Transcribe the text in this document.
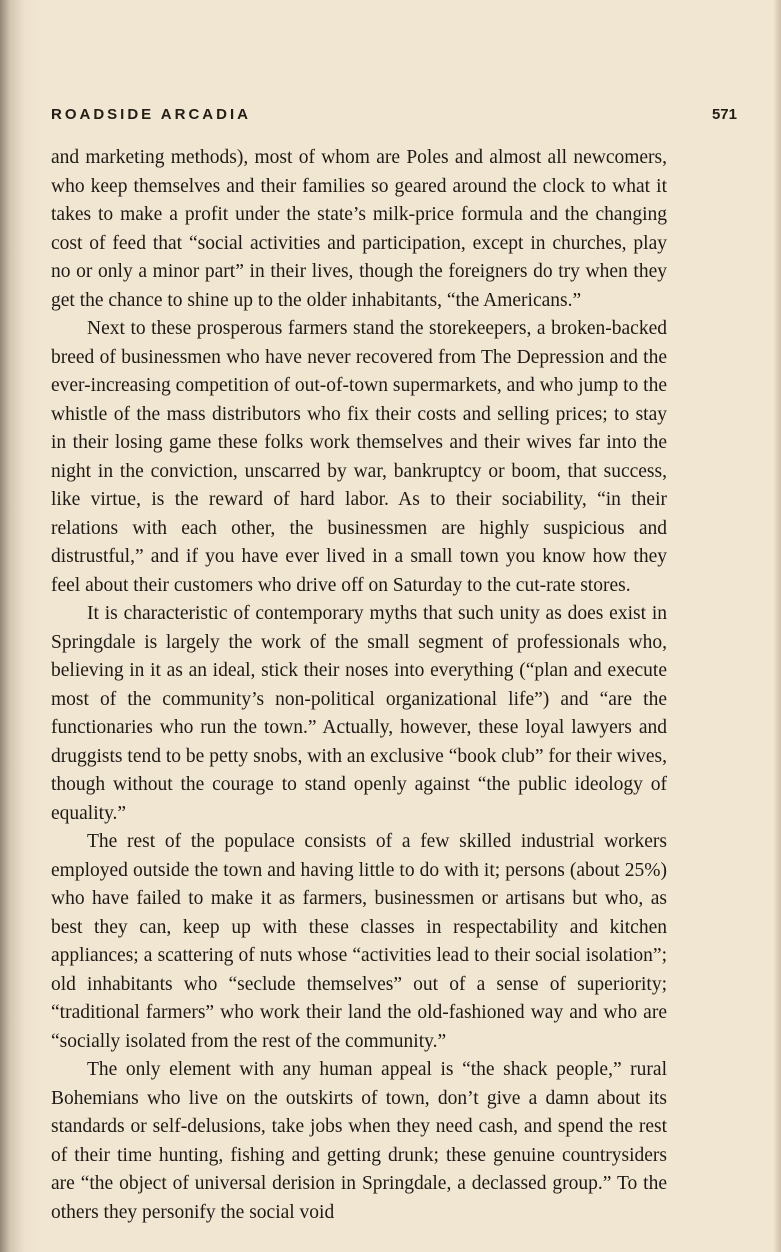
ROADSIDE ARCADIA	571

and marketing methods), most of whom are Poles and almost all newcomers, who keep themselves and their families so geared around the clock to what it takes to make a profit under the state’s milk-price formula and the changing cost of feed that “social activities and participation, except in churches, play no or only a minor part” in their lives, though the foreigners do try when they get the chance to shine up to the older inhabitants, “the Americans.”

Next to these prosperous farmers stand the storekeepers, a broken-backed breed of businessmen who have never recovered from The Depression and the ever-increasing competition of out-of-town supermarkets, and who jump to the whistle of the mass distributors who fix their costs and selling prices; to stay in their losing game these folks work themselves and their wives far into the night in the conviction, unscarred by war, bankruptcy or boom, that success, like virtue, is the reward of hard labor. As to their sociability, “in their relations with each other, the businessmen are highly suspicious and distrustful,” and if you have ever lived in a small town you know how they feel about their customers who drive off on Saturday to the cut-rate stores.

It is characteristic of contemporary myths that such unity as does exist in Springdale is largely the work of the small segment of professionals who, believing in it as an ideal, stick their noses into everything (“plan and execute most of the community’s non-political organizational life”) and “are the functionaries who run the town.” Actually, however, these loyal lawyers and druggists tend to be petty snobs, with an exclusive “book club” for their wives, though without the courage to stand openly against “the public ideology of equality.”

The rest of the populace consists of a few skilled industrial workers employed outside the town and having little to do with it; persons (about 25%) who have failed to make it as farmers, businessmen or artisans but who, as best they can, keep up with these classes in respectability and kitchen appliances; a scattering of nuts whose “activities lead to their social isolation”; old inhabitants who “seclude themselves” out of a sense of superiority; “traditional farmers” who work their land the old-fashioned way and who are “socially isolated from the rest of the community.”

The only element with any human appeal is “the shack people,” rural Bohemians who live on the outskirts of town, don’t give a damn about its standards or self-delusions, take jobs when they need cash, and spend the rest of their time hunting, fishing and getting drunk; these genuine countrysiders are “the object of universal derision in Springdale, a declassed group.” To the others they personify the social void
